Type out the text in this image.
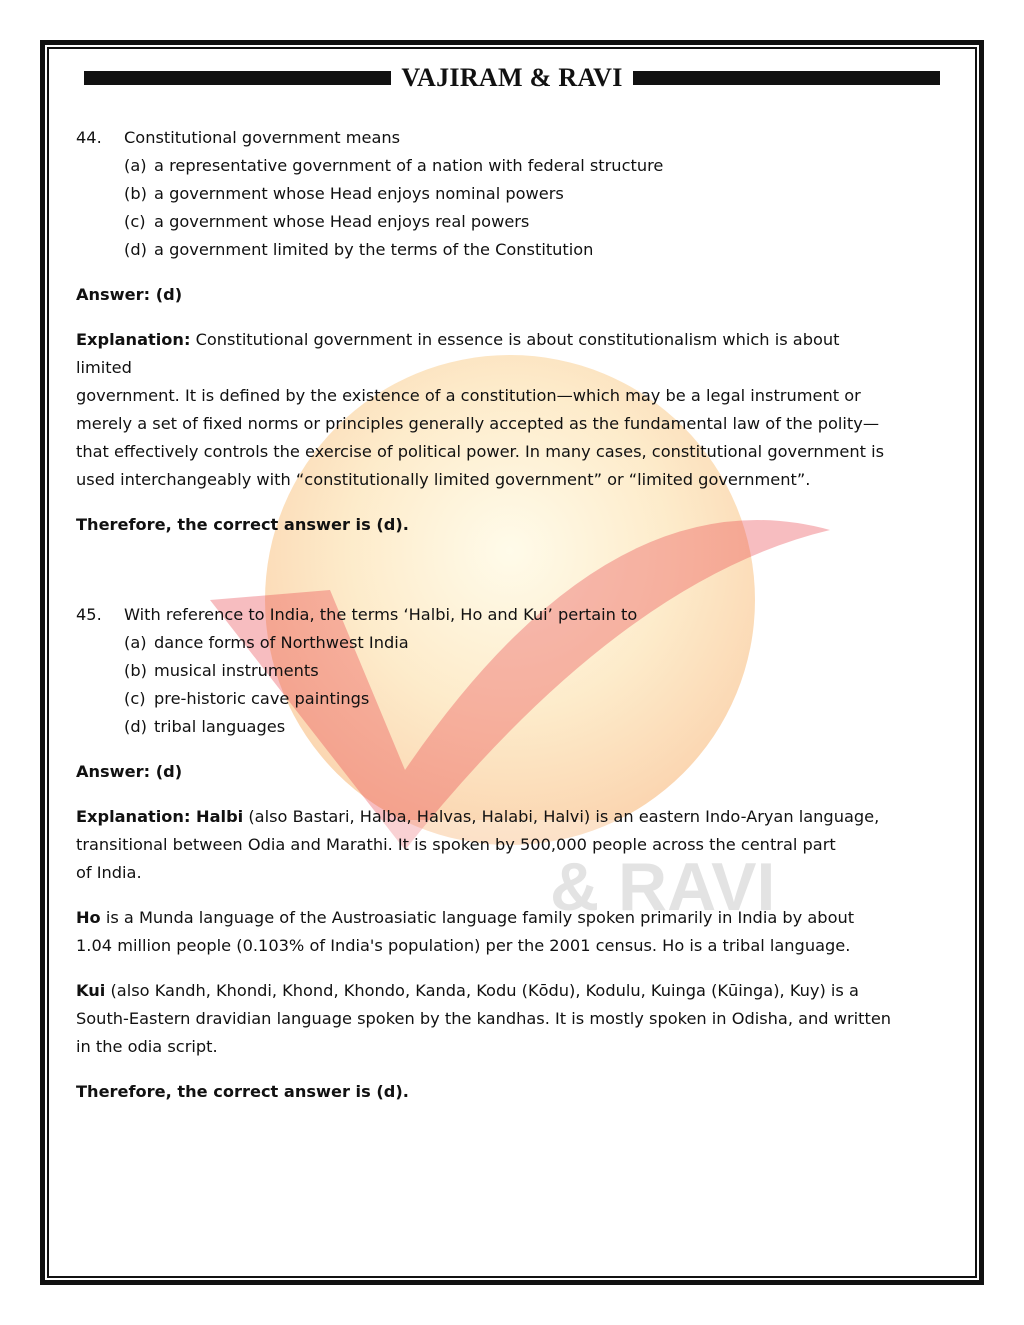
& RAVI
VAJIRAM & RAVI
44.	Constitutional government means
(a) a representative government of a nation with federal structure
(b) a government whose Head enjoys nominal powers
(c) a government whose Head enjoys real powers
(d) a government limited by the terms of the Constitution

Answer: (d)

Explanation: Constitutional government in essence is about constitutionalism which is about limited
government. It is defined by the existence of a constitution—which may be a legal instrument or
merely a set of fixed norms or principles generally accepted as the fundamental law of the polity—
that effectively controls the exercise of political power. In many cases, constitutional government is
used interchangeably with “constitutionally limited government” or “limited government”.

Therefore, the correct answer is (d).

45.	With reference to India, the terms ‘Halbi, Ho and Kui’ pertain to
(a) dance forms of Northwest India
(b) musical instruments
(c) pre-historic cave paintings
(d) tribal languages

Answer: (d)

Explanation: Halbi (also Bastari, Halba, Halvas, Halabi, Halvi) is an eastern Indo-Aryan language,
transitional between Odia and Marathi. It is spoken by 500,000 people across the central part
of India.

Ho is a Munda language of the Austroasiatic language family spoken primarily in India by about
1.04 million people (0.103% of India's population) per the 2001 census. Ho is a tribal language.

Kui (also Kandh, Khondi, Khond, Khondo, Kanda, Kodu (Kōdu), Kodulu, Kuinga (Kūinga), Kuy) is a
South-Eastern dravidian language spoken by the kandhas. It is mostly spoken in Odisha, and written
in the odia script.

Therefore, the correct answer is (d).
